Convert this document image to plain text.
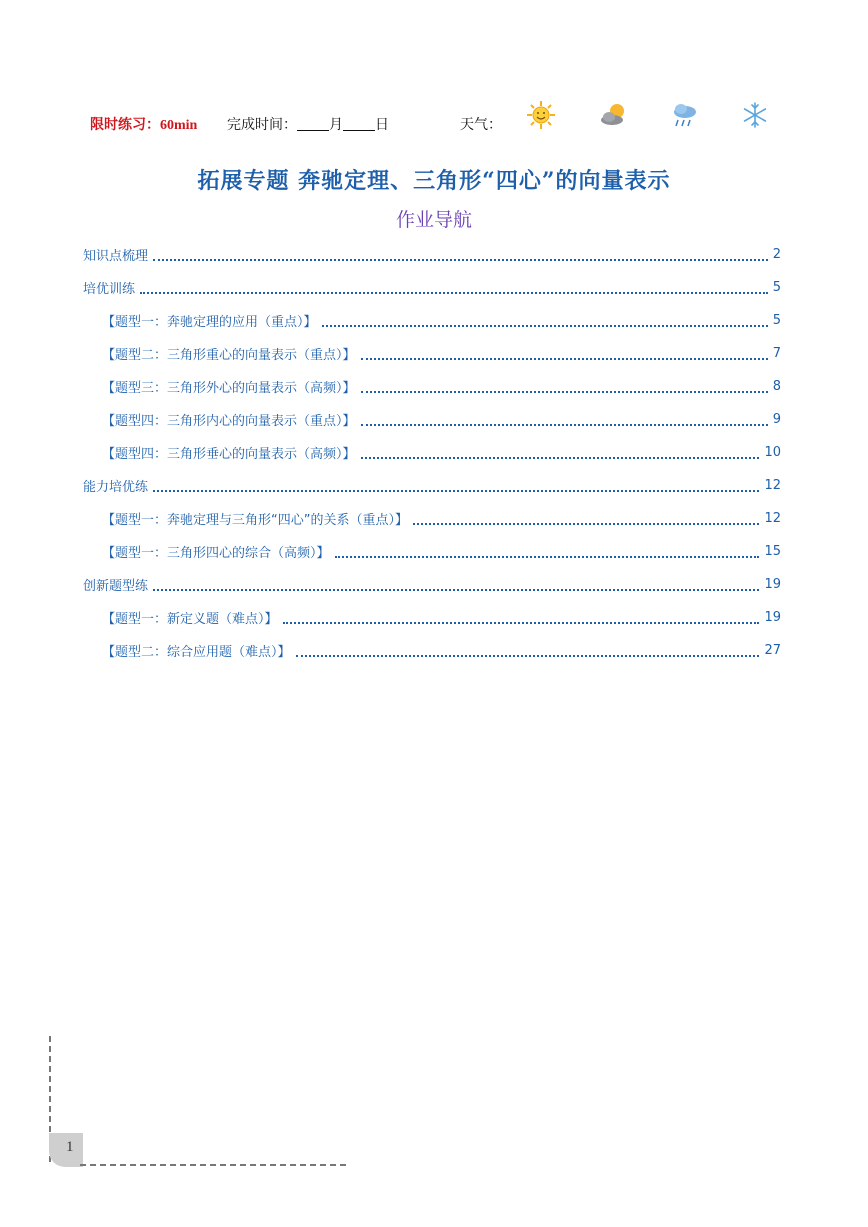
限时练习：60min 完成时间： 月 日	天气：
拓展专题 奔驰定理、三角形“四心”的向量表示
作业导航
知识点梳理	2
培优训练	5
【题型一：奔驰定理的应用（重点）】	5
【题型二：三角形重心的向量表示（重点）】	7
【题型三：三角形外心的向量表示（高频）】	8
【题型四：三角形内心的向量表示（重点）】	9
【题型四：三角形垂心的向量表示（高频）】	10
能力培优练	12
【题型一：奔驰定理与三角形“四心”的关系（重点）】	12
【题型一：三角形四心的综合（高频）】	15
创新题型练	19
【题型一：新定义题（难点）】	19
【题型二：综合应用题（难点）】	27
1
